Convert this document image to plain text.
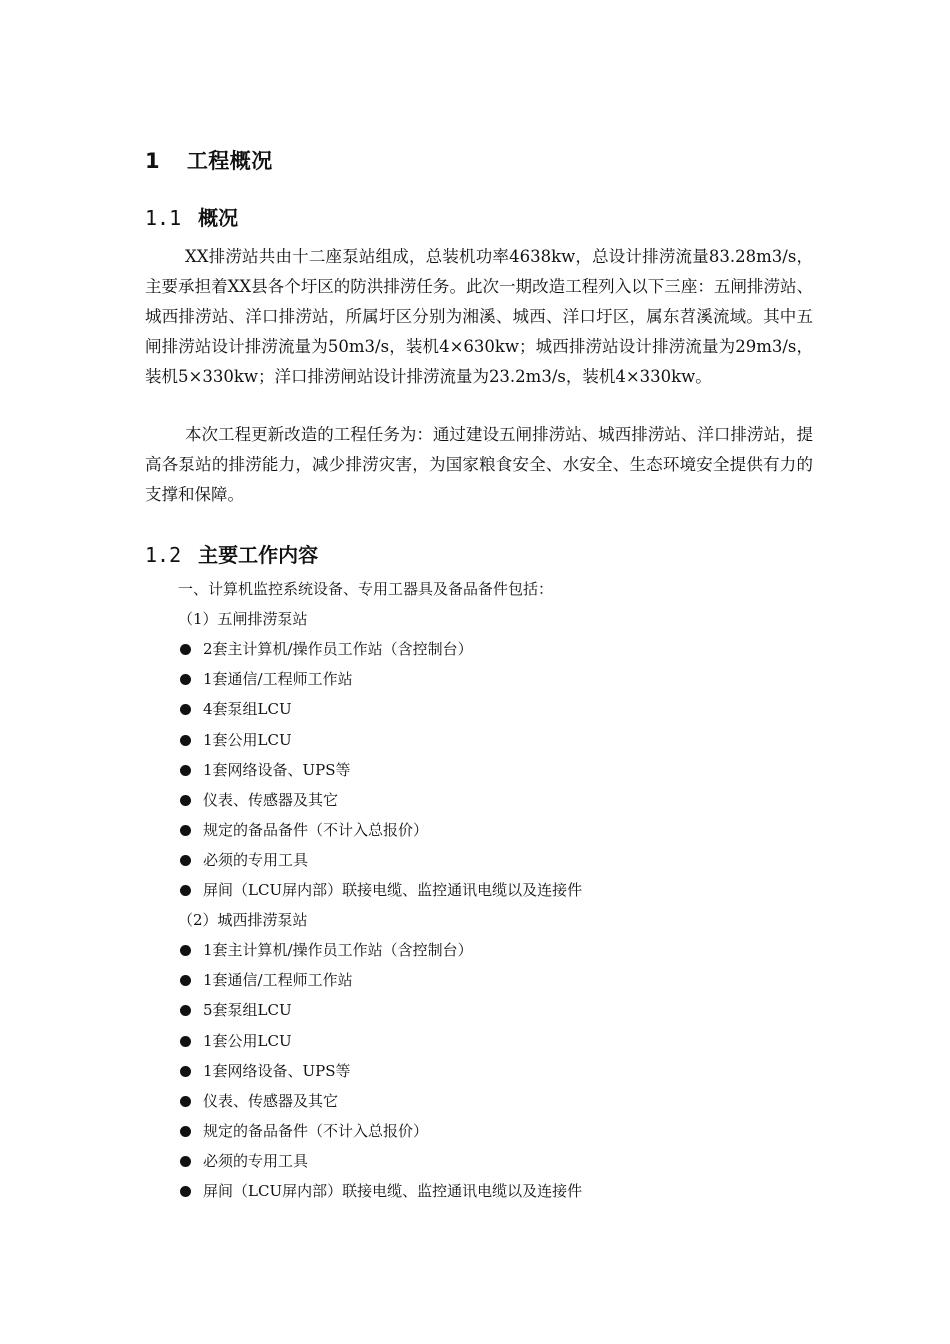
1 工程概况
1.1 概况

XX排涝站共由十二座泵站组成，总装机功率4638kw，总设计排涝流量83.28m3/s，主要承担着XX县各个圩区的防洪排涝任务。此次一期改造工程列入以下三座：五闸排涝站、城西排涝站、洋口排涝站，所属圩区分别为湘溪、城西、洋口圩区，属东苕溪流域。其中五闸排涝站设计排涝流量为50m3/s，装机4×630kw；城西排涝站设计排涝流量为29m3/s，装机5×330kw；洋口排涝闸站设计排涝流量为23.2m3/s，装机4×330kw。

本次工程更新改造的工程任务为：通过建设五闸排涝站、城西排涝站、洋口排涝站，提高各泵站的排涝能力，减少排涝灾害，为国家粮食安全、水安全、生态环境安全提供有力的支撑和保障。

1.2 主要工作内容
一、计算机监控系统设备、专用工器具及备品备件包括：
（1）五闸排涝泵站
2套主计算机/操作员工作站（含控制台）
1套通信/工程师工作站
4套泵组LCU
1套公用LCU
1套网络设备、UPS等
仪表、传感器及其它
规定的备品备件（不计入总报价）
必须的专用工具
屏间（LCU屏内部）联接电缆、监控通讯电缆以及连接件
（2）城西排涝泵站
1套主计算机/操作员工作站（含控制台）
1套通信/工程师工作站
5套泵组LCU
1套公用LCU
1套网络设备、UPS等
仪表、传感器及其它
规定的备品备件（不计入总报价）
必须的专用工具
屏间（LCU屏内部）联接电缆、监控通讯电缆以及连接件
